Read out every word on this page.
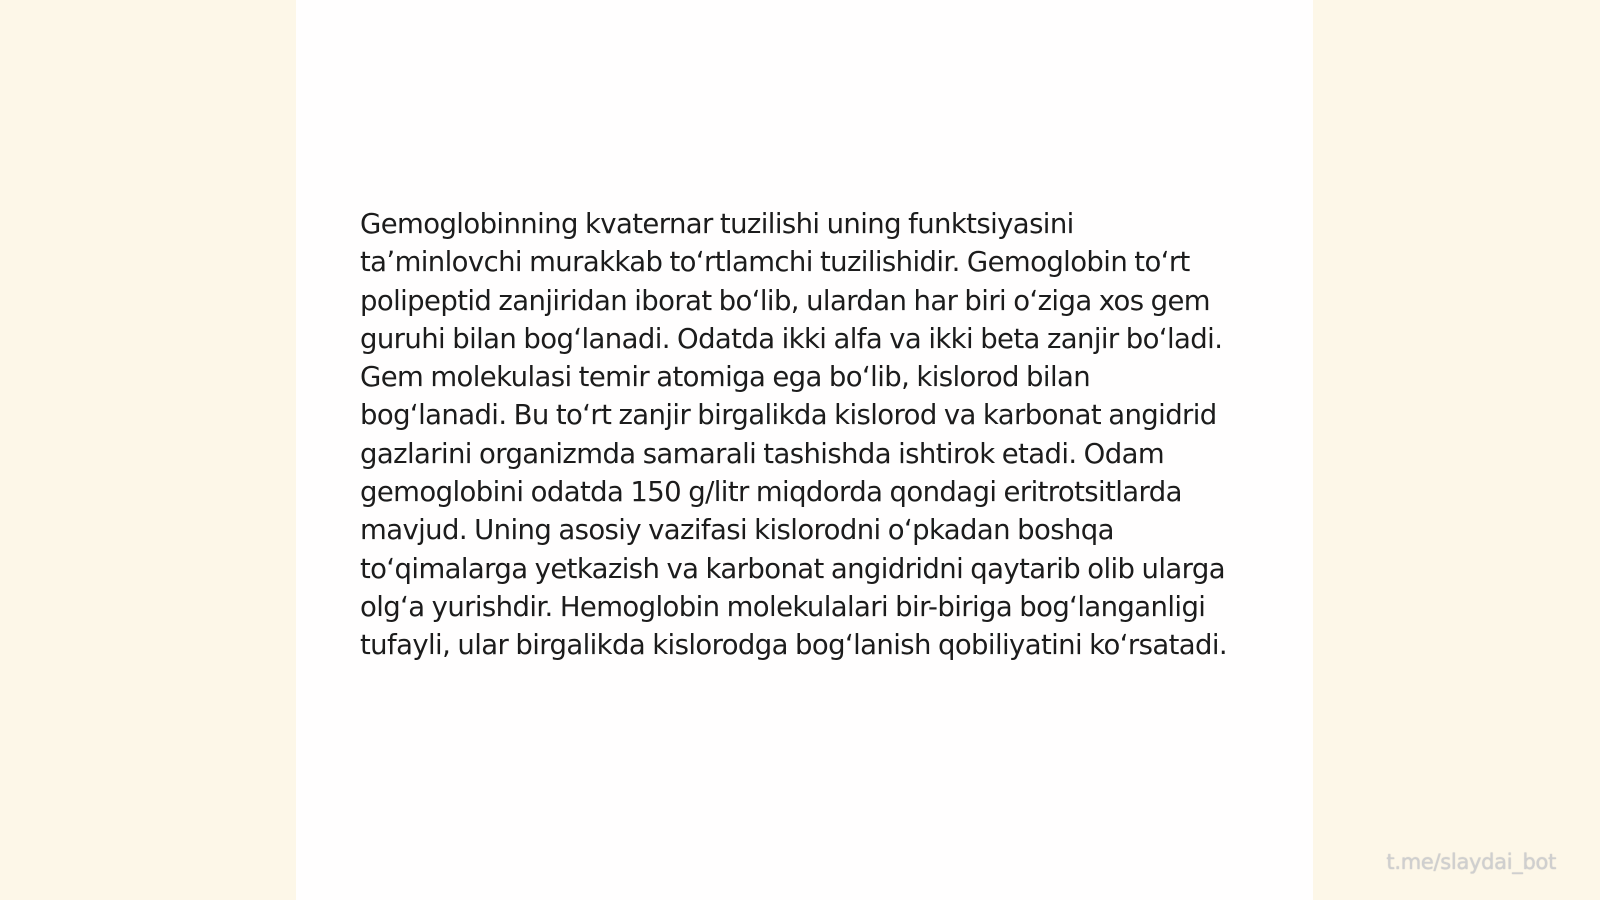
Gemoglobinning kvaternar tuzilishi uning funktsiyasini taʼminlovchi murakkab toʻrtlamchi tuzilishidir. Gemoglobin toʻrt polipeptid zanjiridan iborat boʻlib, ulardan har biri oʻziga xos gem guruhi bilan bogʻlanadi. Odatda ikki alfa va ikki beta zanjir boʻladi. Gem molekulasi temir atomiga ega boʻlib, kislorod bilan bogʻlanadi. Bu toʻrt zanjir birgalikda kislorod va karbonat angidrid gazlarini organizmda samarali tashishda ishtirok etadi. Odam gemoglobini odatda 150 g/litr miqdorda qondagi eritrotsitlarda mavjud. Uning asosiy vazifasi kislorodni oʻpkadan boshqa toʻqimalarga yetkazish va karbonat angidridni qaytarib olib ularga olgʻa yurishdir. Hemoglobin molekulalari bir-biriga bogʻlanganligi tufayli, ular birgalikda kislorodga bogʻlanish qobiliyatini koʻrsatadi.

t.me/slaydai_bot
